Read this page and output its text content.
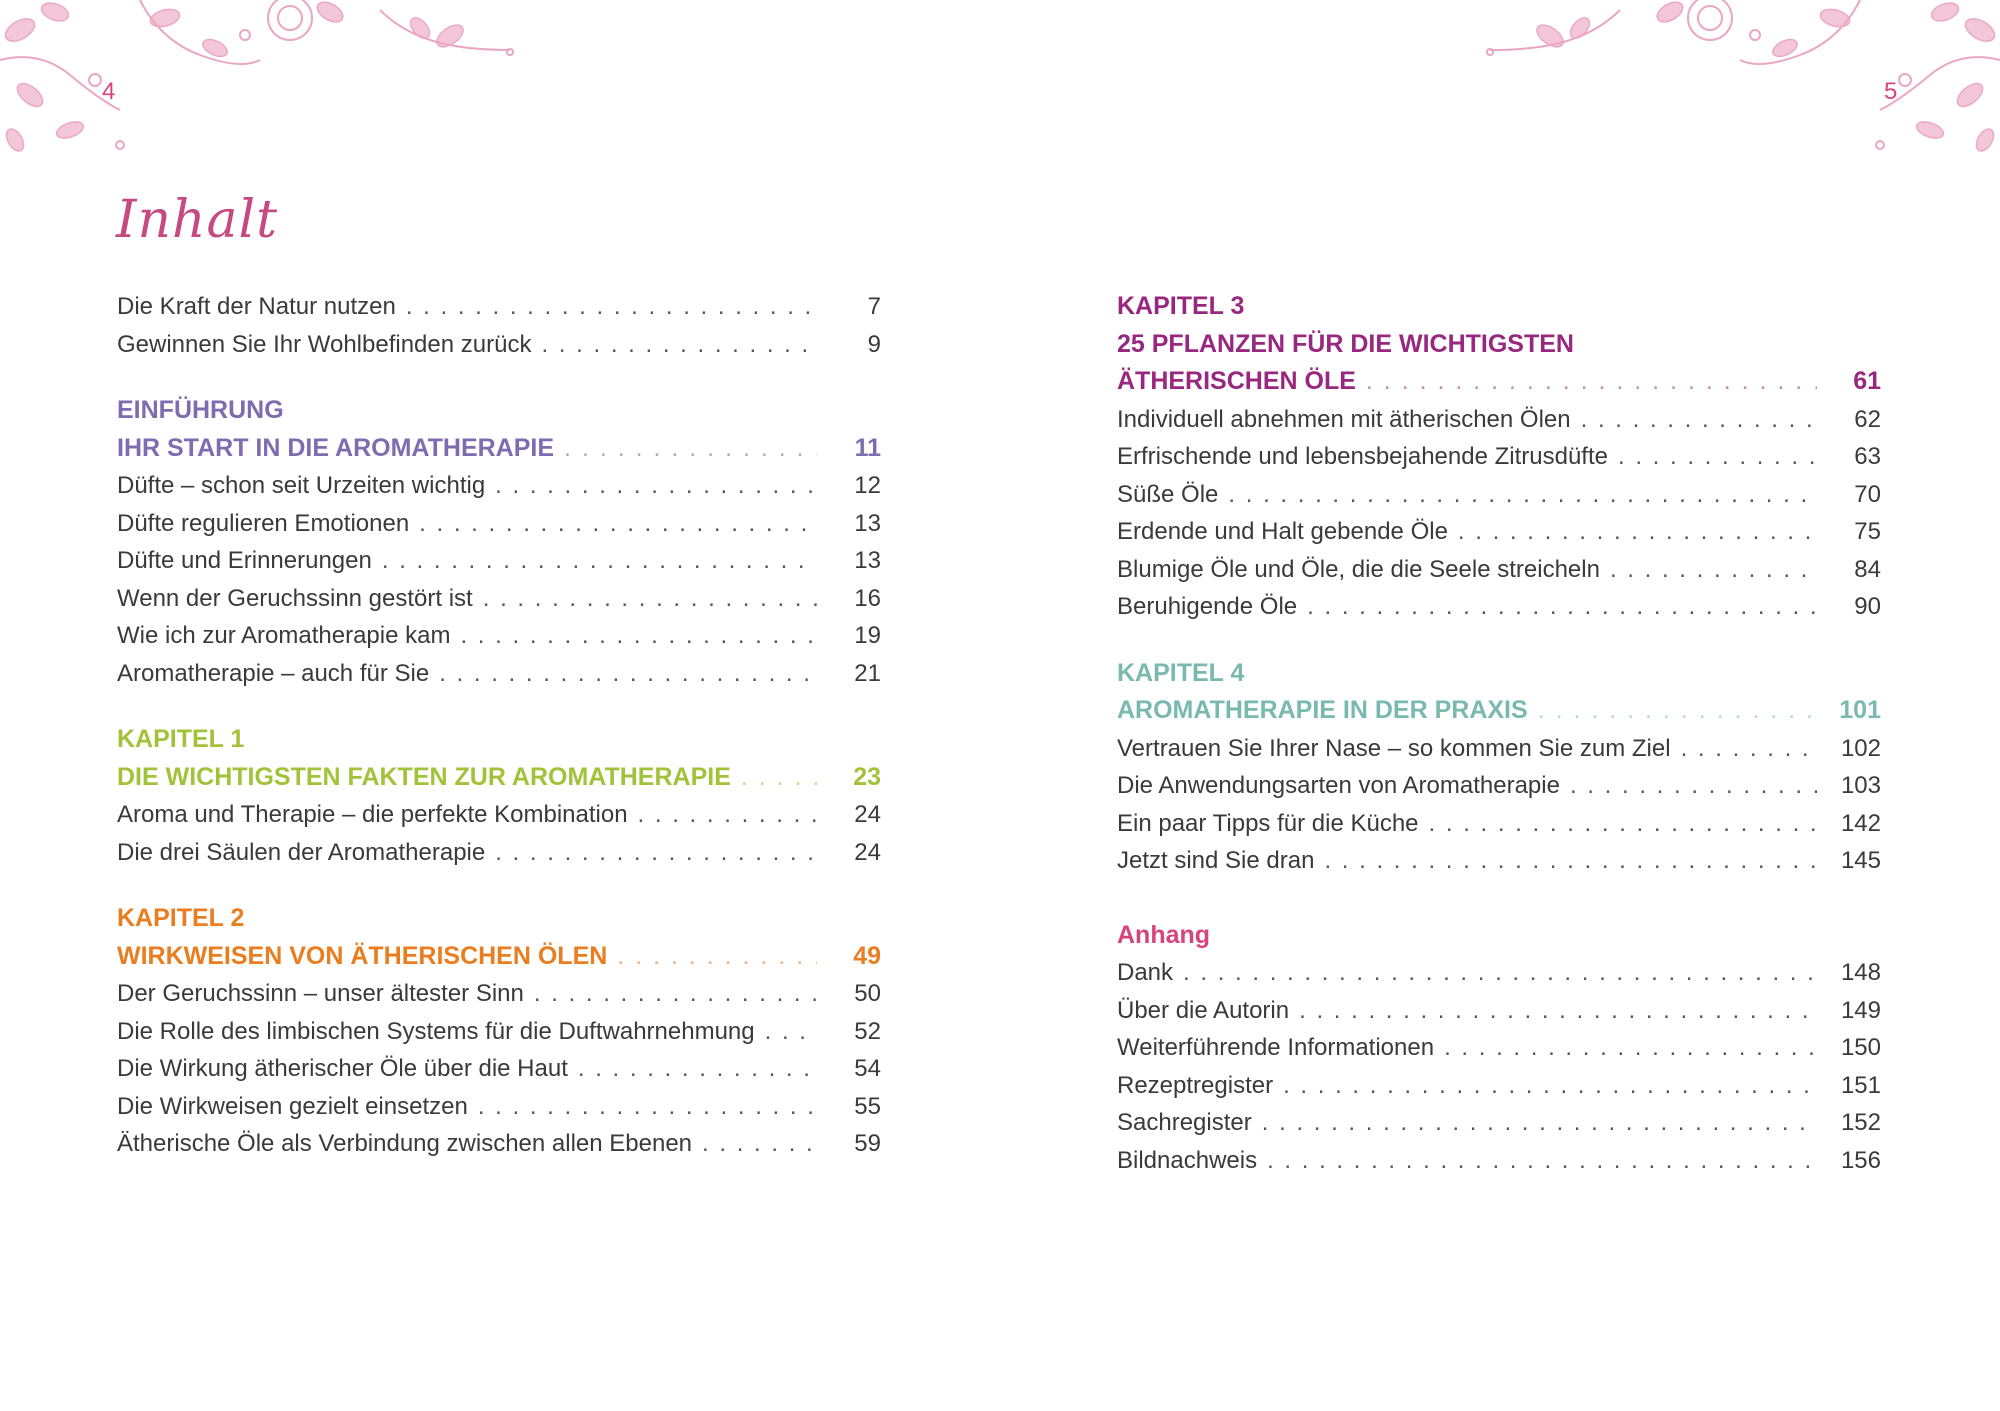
4	5
Inhalt
Die Kraft der Natur nutzen . . .	7
Gewinnen Sie Ihr Wohlbefinden zurück . . .	9

EINFÜHRUNG

IHR START IN DIE AROMATHERAPIE . . .	11
Düfte – schon seit Urzeiten wichtig . . .	12
Düfte regulieren Emotionen . . .	13
Düfte und Erinnerungen . . .	13
Wenn der Geruchssinn gestört ist . . .	16
Wie ich zur Aromatherapie kam . . .	19
Aromatherapie – auch für Sie . . .	21

KAPITEL 1

DIE WICHTIGSTEN FAKTEN ZUR AROMATHERAPIE . . .	23
Aroma und Therapie – die perfekte Kombination . . .	24
Die drei Säulen der Aromatherapie . . .	24

KAPITEL 2

WIRKWEISEN VON ÄTHERISCHEN ÖLEN . . .	49
Der Geruchssinn – unser ältester Sinn . . .	50
Die Rolle des limbischen Systems für die Duftwahrnehmung . . .	52
Die Wirkung ätherischer Öle über die Haut . . .	54
Die Wirkweisen gezielt einsetzen . . .	55
Ätherische Öle als Verbindung zwischen allen Ebenen . . .	59

KAPITEL 3

25 PFLANZEN FÜR DIE WICHTIGSTEN

ÄTHERISCHEN ÖLE . . .	61
Individuell abnehmen mit ätherischen Ölen . . .	62
Erfrischende und lebensbejahende Zitrusdüfte . . .	63
Süße Öle . . .	70
Erdende und Halt gebende Öle . . .	75
Blumige Öle und Öle, die die Seele streicheln . . .	84
Beruhigende Öle . . .	90

KAPITEL 4

AROMATHERAPIE IN DER PRAXIS . . .	101
Vertrauen Sie Ihrer Nase – so kommen Sie zum Ziel . . .	102
Die Anwendungsarten von Aromatherapie . . .	103
Ein paar Tipps für die Küche . . .	142
Jetzt sind Sie dran . . .	145

Anhang

Dank . . .	148
Über die Autorin . . .	149
Weiterführende Informationen . . .	150
Rezeptregister . . .	151
Sachregister . . .	152
Bildnachweis . . .	156
